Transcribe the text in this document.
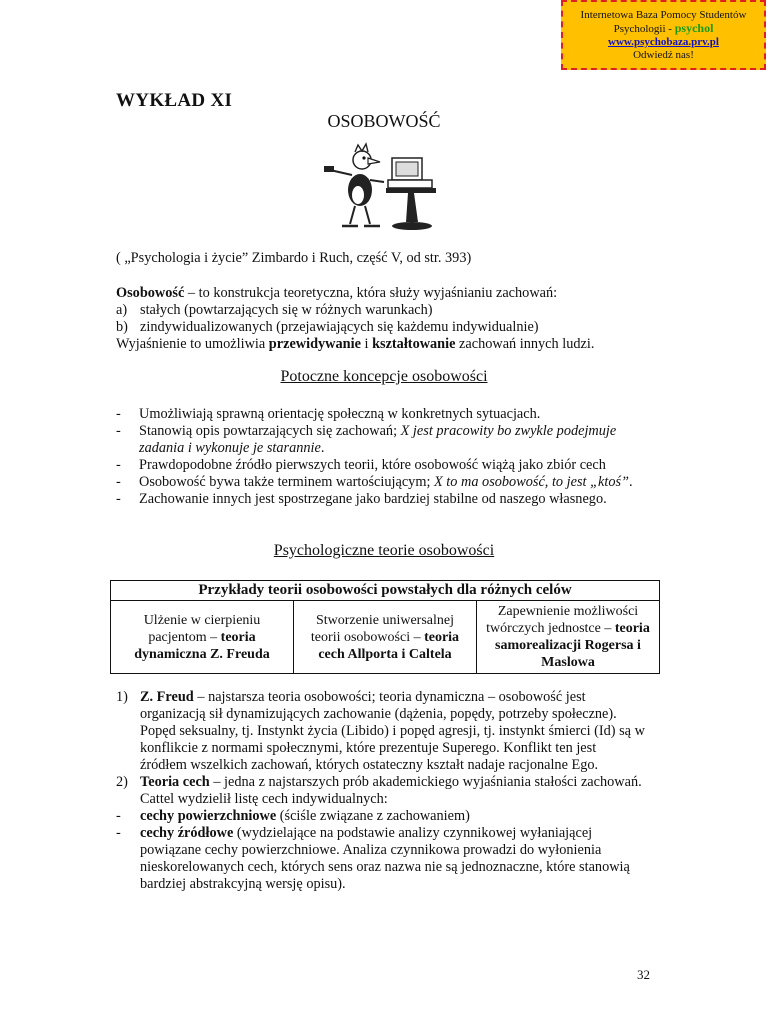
Internetowa Baza Pomocy Studentów
Psychologii - psychol
www.psychobaza.prv.pl
Odwiedź nas!
WYKŁAD XI
OSOBOWOŚĆ
( „Psychologia i życie” Zimbardo i Ruch, część V, od str. 393)
Osobowość – to konstrukcja teoretyczna, która służy wyjaśnianiu zachowań:
a) stałych (powtarzających się w różnych warunkach)
b) zindywidualizowanych (przejawiających się każdemu indywidualnie)
Wyjaśnienie to umożliwia przewidywanie i kształtowanie zachowań innych ludzi.
Potoczne koncepcje osobowości
- Umożliwiają sprawną orientację społeczną w konkretnych sytuacjach.
- Stanowią opis powtarzających się zachowań; X jest pracowity bo zwykle podejmuje zadania i wykonuje je starannie.
- Prawdopodobne źródło pierwszych teorii, które osobowość wiążą jako zbiór cech
- Osobowość bywa także terminem wartościującym; X to ma osobowość, to jest „ktoś”.
- Zachowanie innych jest spostrzegane jako bardziej stabilne od naszego własnego.
Psychologiczne teorie osobowości
Przykłady teorii osobowości powstałych dla różnych celów
Ulżenie w cierpieniu pacjentom – teoria dynamiczna Z. Freuda	Stworzenie uniwersalnej teorii osobowości – teoria cech Allporta i Caltela	Zapewnienie możliwości twórczych jednostce – teoria samorealizacji Rogersa i Maslowa
1) Z. Freud – najstarsza teoria osobowości; teoria dynamiczna – osobowość jest organizacją sił dynamizujących zachowanie (dążenia, popędy, potrzeby społeczne). Popęd seksualny, tj. Instynkt życia (Libido) i popęd agresji, tj. instynkt śmierci (Id) są w konflikcie z normami społecznymi, które prezentuje Superego. Konflikt ten jest źródłem wszelkich zachowań, których ostateczny kształt nadaje racjonalne Ego.
2) Teoria cech – jedna z najstarszych prób akademickiego wyjaśniania stałości zachowań. Cattel wydzielił listę cech indywidualnych:
- cechy powierzchniowe (ściśle związane z zachowaniem)
- cechy źródłowe (wydzielające na podstawie analizy czynnikowej wyłaniającej powiązane cechy powierzchniowe. Analiza czynnikowa prowadzi do wyłonienia nieskorelowanych cech, których sens oraz nazwa nie są jednoznaczne, które stanowią bardziej abstrakcyjną wersję opisu).
32
